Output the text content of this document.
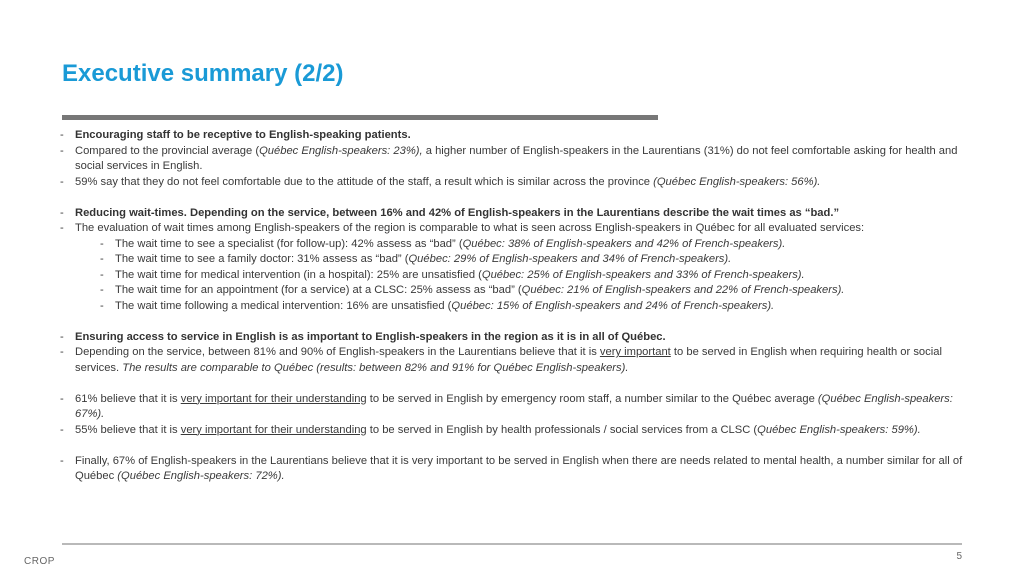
Executive summary (2/2)
-	Encouraging staff to be receptive to English-speaking patients.
-	Compared to the provincial average (Québec English-speakers: 23%), a higher number of English-speakers in the Laurentians (31%) do not feel comfortable asking for health and social services in English.
-	59% say that they do not feel comfortable due to the attitude of the staff, a result which is similar across the province (Québec English-speakers: 56%).
-	Reducing wait-times. Depending on the service, between 16% and 42% of English-speakers in the Laurentians describe the wait times as “bad.”
-	The evaluation of wait times among English-speakers of the region is comparable to what is seen across English-speakers in Québec for all evaluated services:
-	The wait time to see a specialist (for follow-up): 42% assess as “bad” (Québec: 38% of English-speakers and 42% of French-speakers).
-	The wait time to see a family doctor: 31% assess as “bad” (Québec: 29% of English-speakers and 34% of French-speakers).
-	The wait time for medical intervention (in a hospital): 25% are unsatisfied (Québec: 25% of English-speakers and 33% of French-speakers).
-	The wait time for an appointment (for a service) at a CLSC: 25% assess as “bad” (Québec: 21% of English-speakers and 22% of French-speakers).
-	The wait time following a medical intervention: 16% are unsatisfied (Québec: 15% of English-speakers and 24% of French-speakers).
-	Ensuring access to service in English is as important to English-speakers in the region as it is in all of Québec.
-	Depending on the service, between 81% and 90% of English-speakers in the Laurentians believe that it is very important to be served in English when requiring health or social services. The results are comparable to Québec (results: between 82% and 91% for Québec English-speakers).
-	61% believe that it is very important for their understanding to be served in English by emergency room staff, a number similar to the Québec average (Québec English-speakers: 67%).
-	55% believe that it is very important for their understanding to be served in English by health professionals / social services from a CLSC (Québec English-speakers: 59%).
-	Finally, 67% of English-speakers in the Laurentians believe that it is very important to be served in English when there are needs related to mental health, a number similar for all of Québec (Québec English-speakers: 72%).
5
CROP
